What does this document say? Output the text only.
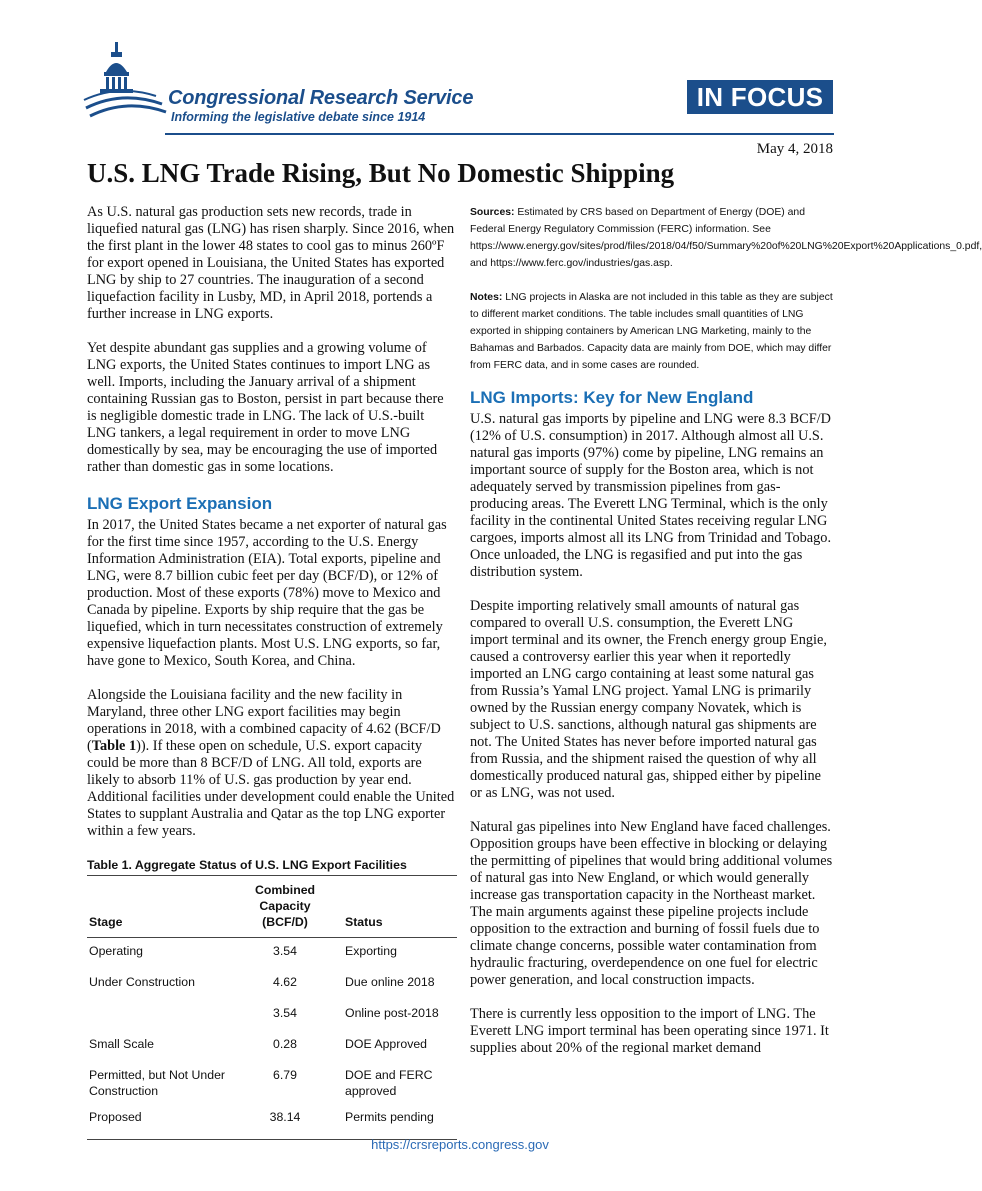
Congressional Research Service

Informing the legislative debate since 1914

IN FOCUS

May 4, 2018

U.S. LNG Trade Rising, But No Domestic Shipping

As U.S. natural gas production sets new records, trade in liquefied natural gas (LNG) has risen sharply. Since 2016, when the first plant in the lower 48 states to cool gas to minus 260ºF for export opened in Louisiana, the United States has exported LNG by ship to 27 countries. The inauguration of a second liquefaction facility in Lusby, MD, in April 2018, portends a further increase in LNG exports.

Yet despite abundant gas supplies and a growing volume of LNG exports, the United States continues to import LNG as well. Imports, including the January arrival of a shipment containing Russian gas to Boston, persist in part because there is negligible domestic trade in LNG. The lack of U.S.-built LNG tankers, a legal requirement in order to move LNG domestically by sea, may be encouraging the use of imported rather than domestic gas in some locations.

LNG Export Expansion

In 2017, the United States became a net exporter of natural gas for the first time since 1957, according to the U.S. Energy Information Administration (EIA). Total exports, pipeline and LNG, were 8.7 billion cubic feet per day (BCF/D), or 12% of production. Most of these exports (78%) move to Mexico and Canada by pipeline. Exports by ship require that the gas be liquefied, which in turn necessitates construction of extremely expensive liquefaction plants. Most U.S. LNG exports, so far, have gone to Mexico, South Korea, and China.

Alongside the Louisiana facility and the new facility in Maryland, three other LNG export facilities may begin operations in 2018, with a combined capacity of 4.62 (BCF/D (Table 1)). If these open on schedule, U.S. export capacity could be more than 8 BCF/D of LNG. All told, exports are likely to absorb 11% of U.S. gas production by year end. Additional facilities under development could enable the United States to supplant Australia and Qatar as the top LNG exporter within a few years.

Table 1. Aggregate Status of U.S. LNG Export Facilities
Stage	Combined Capacity (BCF/D)	Status
Operating	3.54	Exporting
Under Construction	4.62	Due online 2018
	3.54	Online post-2018
Small Scale	0.28	DOE Approved
Permitted, but Not Under Construction	6.79	DOE and FERC approved
Proposed	38.14	Permits pending

Sources: Estimated by CRS based on Department of Energy (DOE) and Federal Energy Regulatory Commission (FERC) information. See https://www.energy.gov/sites/prod/files/2018/04/f50/Summary%20of%20LNG%20Export%20Applications_0.pdf, and https://www.ferc.gov/industries/gas.asp.

Notes: LNG projects in Alaska are not included in this table as they are subject to different market conditions. The table includes small quantities of LNG exported in shipping containers by American LNG Marketing, mainly to the Bahamas and Barbados. Capacity data are mainly from DOE, which may differ from FERC data, and in some cases are rounded.

LNG Imports: Key for New England

U.S. natural gas imports by pipeline and LNG were 8.3 BCF/D (12% of U.S. consumption) in 2017. Although almost all U.S. natural gas imports (97%) come by pipeline, LNG remains an important source of supply for the Boston area, which is not adequately served by transmission pipelines from gas-producing areas. The Everett LNG Terminal, which is the only facility in the continental United States receiving regular LNG cargoes, imports almost all its LNG from Trinidad and Tobago. Once unloaded, the LNG is regasified and put into the gas distribution system.

Despite importing relatively small amounts of natural gas compared to overall U.S. consumption, the Everett LNG import terminal and its owner, the French energy group Engie, caused a controversy earlier this year when it reportedly imported an LNG cargo containing at least some natural gas from Russia’s Yamal LNG project. Yamal LNG is primarily owned by the Russian energy company Novatek, which is subject to U.S. sanctions, although natural gas shipments are not. The United States has never before imported natural gas from Russia, and the shipment raised the question of why all domestically produced natural gas, shipped either by pipeline or as LNG, was not used.

Natural gas pipelines into New England have faced challenges. Opposition groups have been effective in blocking or delaying the permitting of pipelines that would bring additional volumes of natural gas into New England, or which would generally increase gas transportation capacity in the Northeast market. The main arguments against these pipeline projects include opposition to the extraction and burning of fossil fuels due to climate change concerns, possible water contamination from hydraulic fracturing, overdependence on one fuel for electric power generation, and local construction impacts.

There is currently less opposition to the import of LNG. The Everett LNG import terminal has been operating since 1971. It supplies about 20% of the regional market demand

https://crsreports.congress.gov
